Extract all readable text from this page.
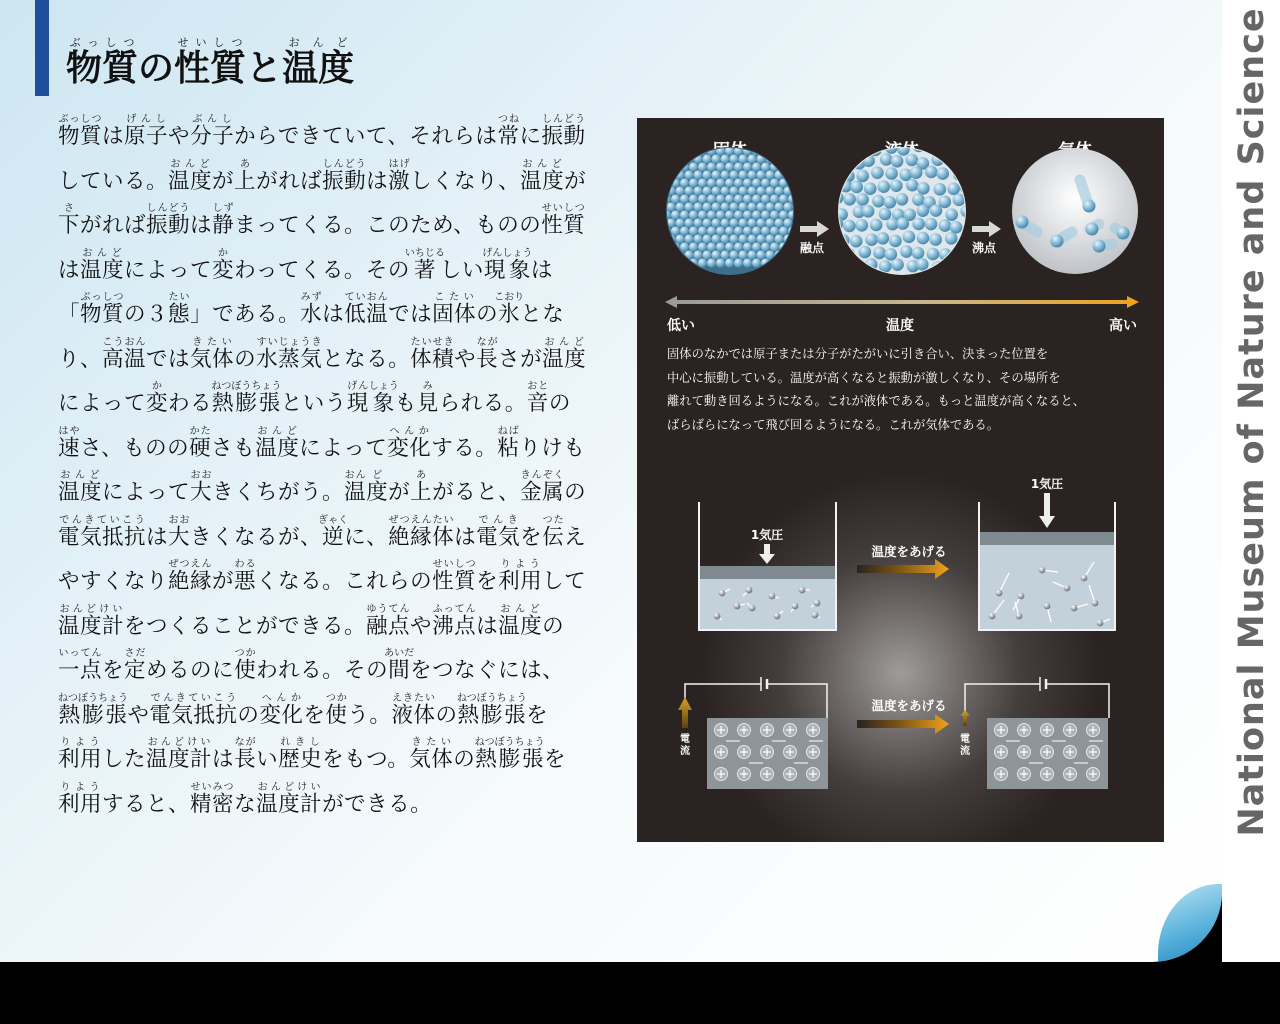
物質ぶっしつの性質せいしつと温度おんど
物質ぶっしつは原子げんしや分子ぶんしからできていて、それらは常つねに振動しんどうしている。温度おんどが上あがれば振動しんどうは激はげしくなり、温度おんどが下さがれば振動しんどうは静しずまってくる。このため、ものの性質せいしつは温度おんどによって変かわってくる。その著いちじるしい現象げんしょうは「物質ぶっしつの３態たい」である。水みずは低温ていおんでは固体こたいの氷こおりとなり、高温こうおんでは気体きたいの水蒸気すいじょうきとなる。体積たいせきや長ながさが温度おんどによって変かわる熱膨張ねつぼうちょうという現げん象しょうも見みられる。音おとの速はやさ、ものの硬かたさも温度おんどによって変化へんかする。粘ねばりけも温度おんどによって大おおきくちがう。温おん度どが上あがると、金属きんぞくの電気抵抗でんきていこうは大おおきくなるが、逆ぎゃくに、絶縁体ぜつえんたいは電気でんきを伝つたえやすくなり絶縁ぜつえんが悪わるくなる。これらの性質せいしつを利用りようして温度計おんどけいをつくることができる。融点ゆうてんや沸点ふってんは温度おんどの一点いってんを定さだめるのに使つかわれる。その間あいだをつなぐには、熱膨張ねつぼうちょうや電気抵抗でんきていこうの変化へんかを使つかう。液体えきたいの熱膨張ねつぼうちょうを利用りようした温度計おんどけいは長ながい歴史れきしをもつ。気体きたいの熱膨張ねつぼうちょうを利用りようすると、精せい密みつな温度計おんどけいができる。
融点	沸点
低い	温度	高い
固体のなかでは原子または分子がたがいに引き合い、決まった位置を
中心に振動している。温度が高くなると振動が激しくなり、その場所を
離れて動き回るようになる。これが液体である。もっと温度が高くなると、
ばらばらになって飛び回るようになる。これが気体である。
1気圧
温度をあげる
1気圧
電
流
温度をあげる
電
流	National Museum of Nature and Science
